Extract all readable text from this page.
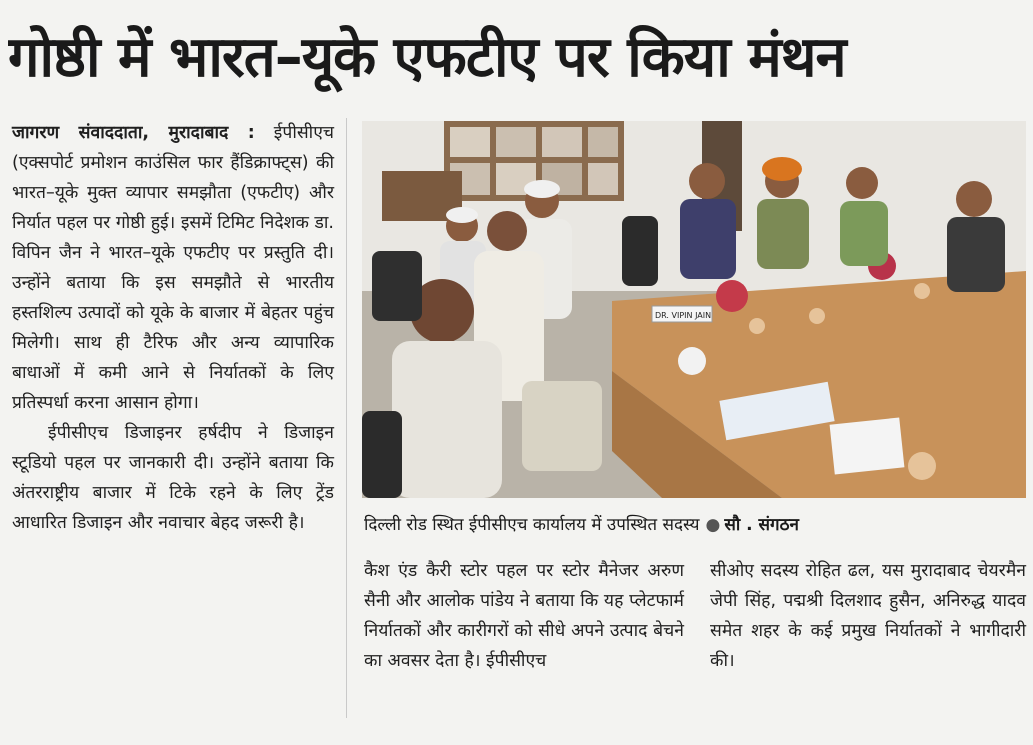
गोष्ठी में भारत–यूके एफटीए पर किया मंथन

जागरण संवाददाता, मुरादाबाद : ईपीसीएच (एक्सपोर्ट प्रमोशन काउंसिल फार हैंडिक्राफ्ट्स) की भारत–यूके मुक्त व्यापार समझौता (एफटीए) और निर्यात पहल पर गोष्ठी हुई। इसमें टिमिट निदेशक डा. विपिन जैन ने भारत–यूके एफटीए पर प्रस्तुति दी। उन्होंने बताया कि इस समझौते से भारतीय हस्तशिल्प उत्पादों को यूके के बाजार में बेहतर पहुंच मिलेगी। साथ ही टैरिफ और अन्य व्यापारिक बाधाओं में कमी आने से निर्यातकों के लिए प्रतिस्पर्धा करना आसान होगा।

ईपीसीएच डिजाइनर हर्षदीप ने डिजाइन स्टूडियो पहल पर जानकारी दी। उन्होंने बताया कि अंतरराष्ट्रीय बाजार में टिके रहने के लिए ट्रेंड आधारित डिजाइन और नवाचार बेहद जरूरी है।

DR. VIPIN JAIN
दिल्ली रोड स्थित ईपीसीएच कार्यालय में उपस्थित सदस्य ● सौ . संगठन

कैश एंड कैरी स्टोर पहल पर स्टोर मैनेजर अरुण सैनी और आलोक पांडेय ने बताया कि यह प्लेटफार्म निर्यातकों और कारीगरों को सीधे अपने उत्पाद बेचने का अवसर देता है। ईपीसीएच

सीओए सदस्य रोहित ढल, यस मुरादाबाद चेयरमैन जेपी सिंह, पद्मश्री दिलशाद हुसैन, अनिरुद्ध यादव समेत शहर के कई प्रमुख निर्यातकों ने भागीदारी की।
